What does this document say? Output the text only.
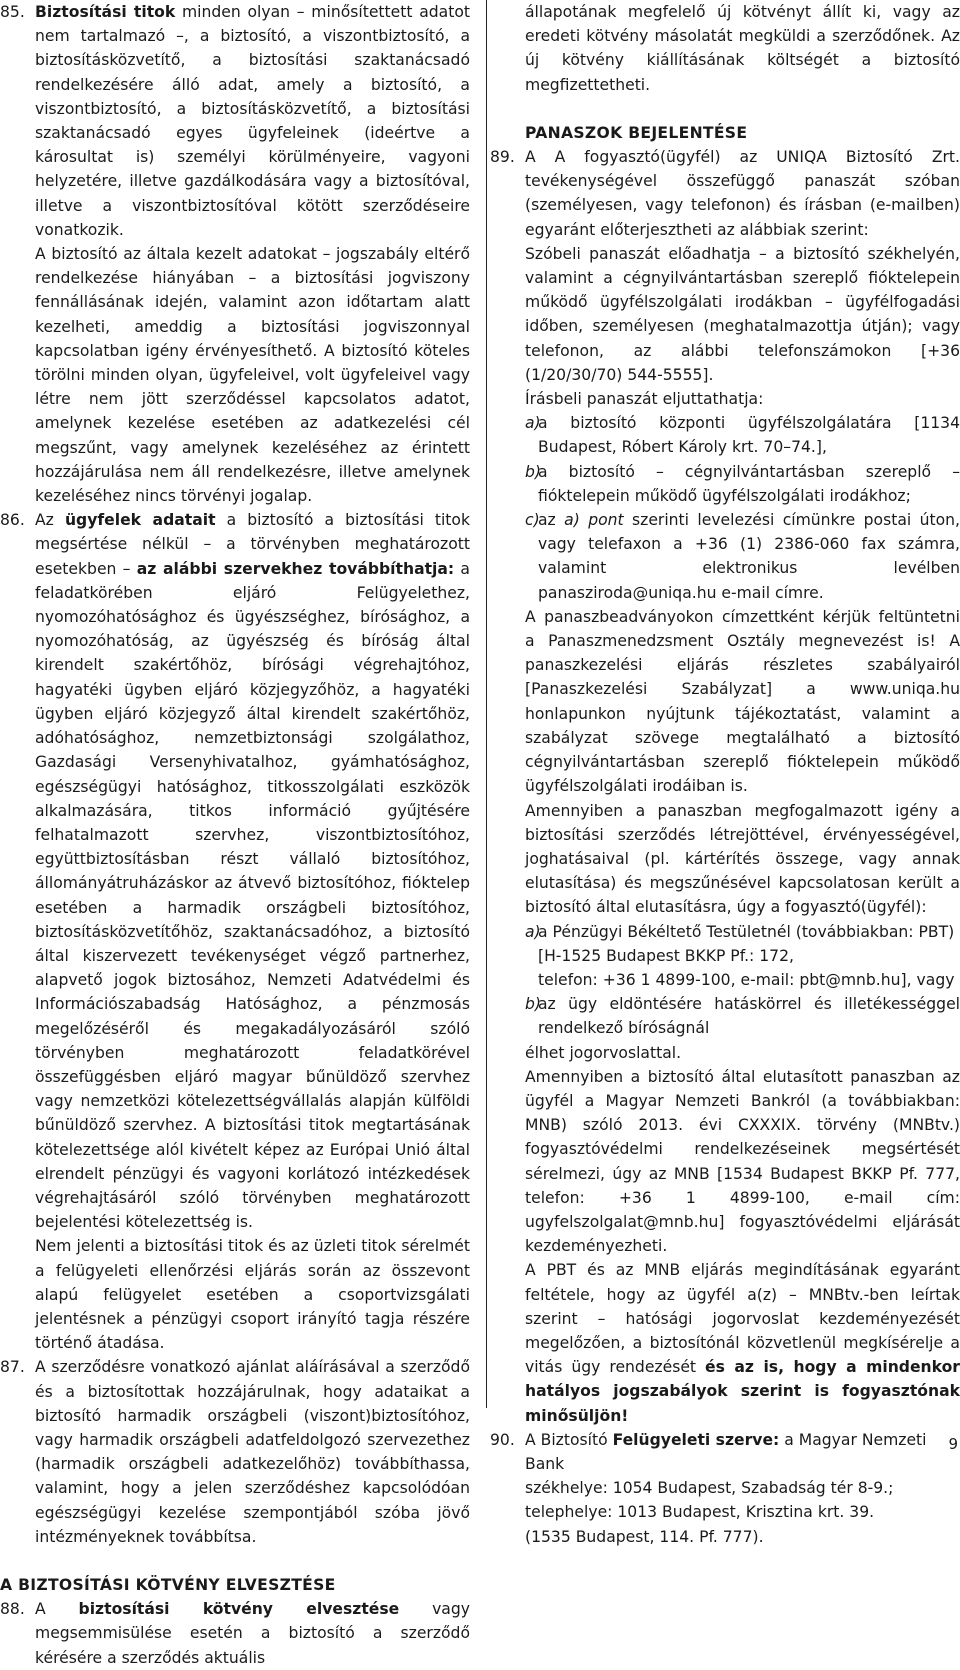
85. Biztosítási titok minden olyan – minősítettett adatot nem tartalmazó –, a biztosító, a viszontbiztosító, a biztosításközvetítő, a biztosítási szaktanácsadó rendelkezésére álló adat, amely a biztosító, a viszontbiztosító, a biztosításközvetítő, a biztosítási szaktanácsadó egyes ügyfeleinek (ideértve a károsultat is) személyi körülményeire, vagyoni helyzetére, illetve gazdálkodására vagy a biztosítóval, illetve a viszontbiztosítóval kötött szerződéseire vonatkozik.

A biztosító az általa kezelt adatokat – jogszabály eltérő rendelkezése hiányában – a biztosítási jogviszony fennállásának idején, valamint azon időtartam alatt kezelheti, ameddig a biztosítási jogviszonnyal kapcsolatban igény érvényesíthető. A biztosító köteles törölni minden olyan, ügyfeleivel, volt ügyfeleivel vagy létre nem jött szerződéssel kapcsolatos adatot, amelynek kezelése esetében az adatkezelési cél megszűnt, vagy amelynek kezeléséhez az érintett hozzájárulása nem áll rendelkezésre, illetve amelynek kezeléséhez nincs törvényi jogalap.

86. Az ügyfelek adatait a biztosító a biztosítási titok megsértése nélkül – a törvényben meghatározott esetekben – az alábbi szervekhez továbbíthatja: a feladatkörében eljáró Felügyelethez, nyomozóhatósághoz és ügyészséghez, bírósághoz, a nyomozóhatóság, az ügyészség és bíróság által kirendelt szakértőhöz, bírósági végrehajtóhoz, hagyatéki ügyben eljáró közjegyzőhöz, a hagyatéki ügyben eljáró közjegyző által kirendelt szakértőhöz, adóhatósághoz, nemzetbiztonsági szolgálathoz, Gazdasági Versenyhivatalhoz, gyámhatósághoz, egészségügyi hatósághoz, titkosszolgálati eszközök alkalmazására, titkos információ gyűjtésére felhatalmazott szervhez, viszontbiztosítóhoz, együttbiztosításban részt vállaló biztosítóhoz, állományátruházáskor az átvevő biztosítóhoz, fióktelep esetében a harmadik országbeli biztosítóhoz, biztosításközvetítőhöz, szaktanácsadóhoz, a biztosító által kiszervezett tevékenységet végző partnerhez, alapvető jogok biztosához, Nemzeti Adatvédelmi és Információszabadság Hatósághoz, a pénzmosás megelőzéséről és megakadályozásáról szóló törvényben meghatározott feladatkörével összefüggésben eljáró magyar bűnüldöző szervhez vagy nemzetközi kötelezettségvállalás alapján külföldi bűnüldöző szervhez. A biztosítási titok megtartásának kötelezettsége alól kivételt képez az Európai Unió által elrendelt pénzügyi és vagyoni korlátozó intézkedések végrehajtásáról szóló törvényben meghatározott bejelentési kötelezettség is.

Nem jelenti a biztosítási titok és az üzleti titok sérelmét a felügyeleti ellenőrzési eljárás során az összevont alapú felügyelet esetében a csoportvizsgálati jelentésnek a pénzügyi csoport irányító tagja részére történő átadása.

87. A szerződésre vonatkozó ajánlat aláírásával a szerződő és a biztosítottak hozzájárulnak, hogy adataikat a biztosító harmadik országbeli (viszont)biztosítóhoz, vagy harmadik országbeli adatfeldolgozó szervezethez (harmadik országbeli adatkezelőhöz) továbbíthassa, valamint, hogy a jelen szerződéshez kapcsolódóan egészségügyi kezelése szempontjából szóba jövő intézményeknek továbbítsa.

A BIZTOSÍTÁSI KÖTVÉNY ELVESZTÉSE

88. A biztosítási kötvény elvesztése vagy megsemmisülése esetén a biztosító a szerződő kérésére a szerződés aktuális

állapotának megfelelő új kötvényt állít ki, vagy az eredeti kötvény másolatát megküldi a szerződőnek. Az új kötvény kiállításának költségét a biztosító megfizettetheti.

PANASZOK BEJELENTÉSE

89. A A fogyasztó(ügyfél) az UNIQA Biztosító Zrt. tevékenységével összefüggő panaszát szóban (személyesen, vagy telefonon) és írásban (e-mailben) egyaránt előterjesztheti az alábbiak szerint:

Szóbeli panaszát előadhatja – a biztosító székhelyén, valamint a cégnyilvántartásban szereplő fióktelepein működő ügyfélszolgálati irodákban – ügyfélfogadási időben, személyesen (meghatalmazottja útján); vagy telefonon, az alábbi telefonszámokon [+36 (1/20/30/70) 544-5555].

Írásbeli panaszát eljuttathatja:

a)
a biztosító központi ügyfélszolgálatára [1134 Budapest, Róbert Károly krt. 70–74.],

b)
a biztosító – cégnyilvántartásban szereplő – fióktelepein működő ügyfélszolgálati irodákhoz;

c)
az a) pont szerinti levelezési címünkre postai úton, vagy telefaxon a +36 (1) 2386-060 fax számra, valamint elektronikus levélben panasziroda@uniqa.hu e-mail címre.

A panaszbeadványokon címzettként kérjük feltüntetni a Panaszmenedzsment Osztály megnevezést is! A panaszkezelési eljárás részletes szabályairól [Panaszkezelési Szabályzat] a www.uniqa.hu honlapunkon nyújtunk tájékoztatást, valamint a szabályzat szövege megtalálható a biztosító cégnyilvántartásban szereplő fióktelepein működő ügyfélszolgálati irodáiban is.

Amennyiben a panaszban megfogalmazott igény a biztosítási szerződés létrejöttével, érvényességével, joghatásaival (pl. kártérítés összege, vagy annak elutasítása) és megszűnésével kapcsolatosan került a biztosító által elutasításra, úgy a fogyasztó(ügyfél):

a)
a Pénzügyi Békéltető Testületnél (továbbiakban: PBT)
[H-1525 Budapest BKKP Pf.: 172,
telefon: +36 1 4899-100, e-mail: pbt@mnb.hu], vagy

b)
az ügy eldöntésére hatáskörrel és illetékességgel rendelkező bíróságnál

élhet jogorvoslattal.

Amennyiben a biztosító által elutasított panaszban az ügyfél a Magyar Nemzeti Bankról (a továbbiakban: MNB) szóló 2013. évi CXXXIX. törvény (MNBtv.) fogyasztóvédelmi rendelkezéseinek megsértését sérelmezi, úgy az MNB [1534 Budapest BKKP Pf. 777, telefon: +36 1 4899-100, e-mail cím: ugyfelszolgalat@mnb.hu] fogyasztóvédelmi eljárását kezdeményezheti.

A PBT és az MNB eljárás megindításának egyaránt feltétele, hogy az ügyfél a(z) – MNBtv.-ben leírtak szerint – hatósági jogorvoslat kezdeményezését megelőzően, a biztosítónál közvetlenül megkísérelje a vitás ügy rendezését és az is, hogy a mindenkor hatályos jogszabályok szerint is fogyasztónak minősüljön!

90. A Biztosító Felügyeleti szerve: a Magyar Nemzeti Bank
székhelye: 1054 Budapest, Szabadság tér 8-9.;
telephelye: 1013 Budapest, Krisztina krt. 39.
(1535 Budapest, 114. Pf. 777).

9
